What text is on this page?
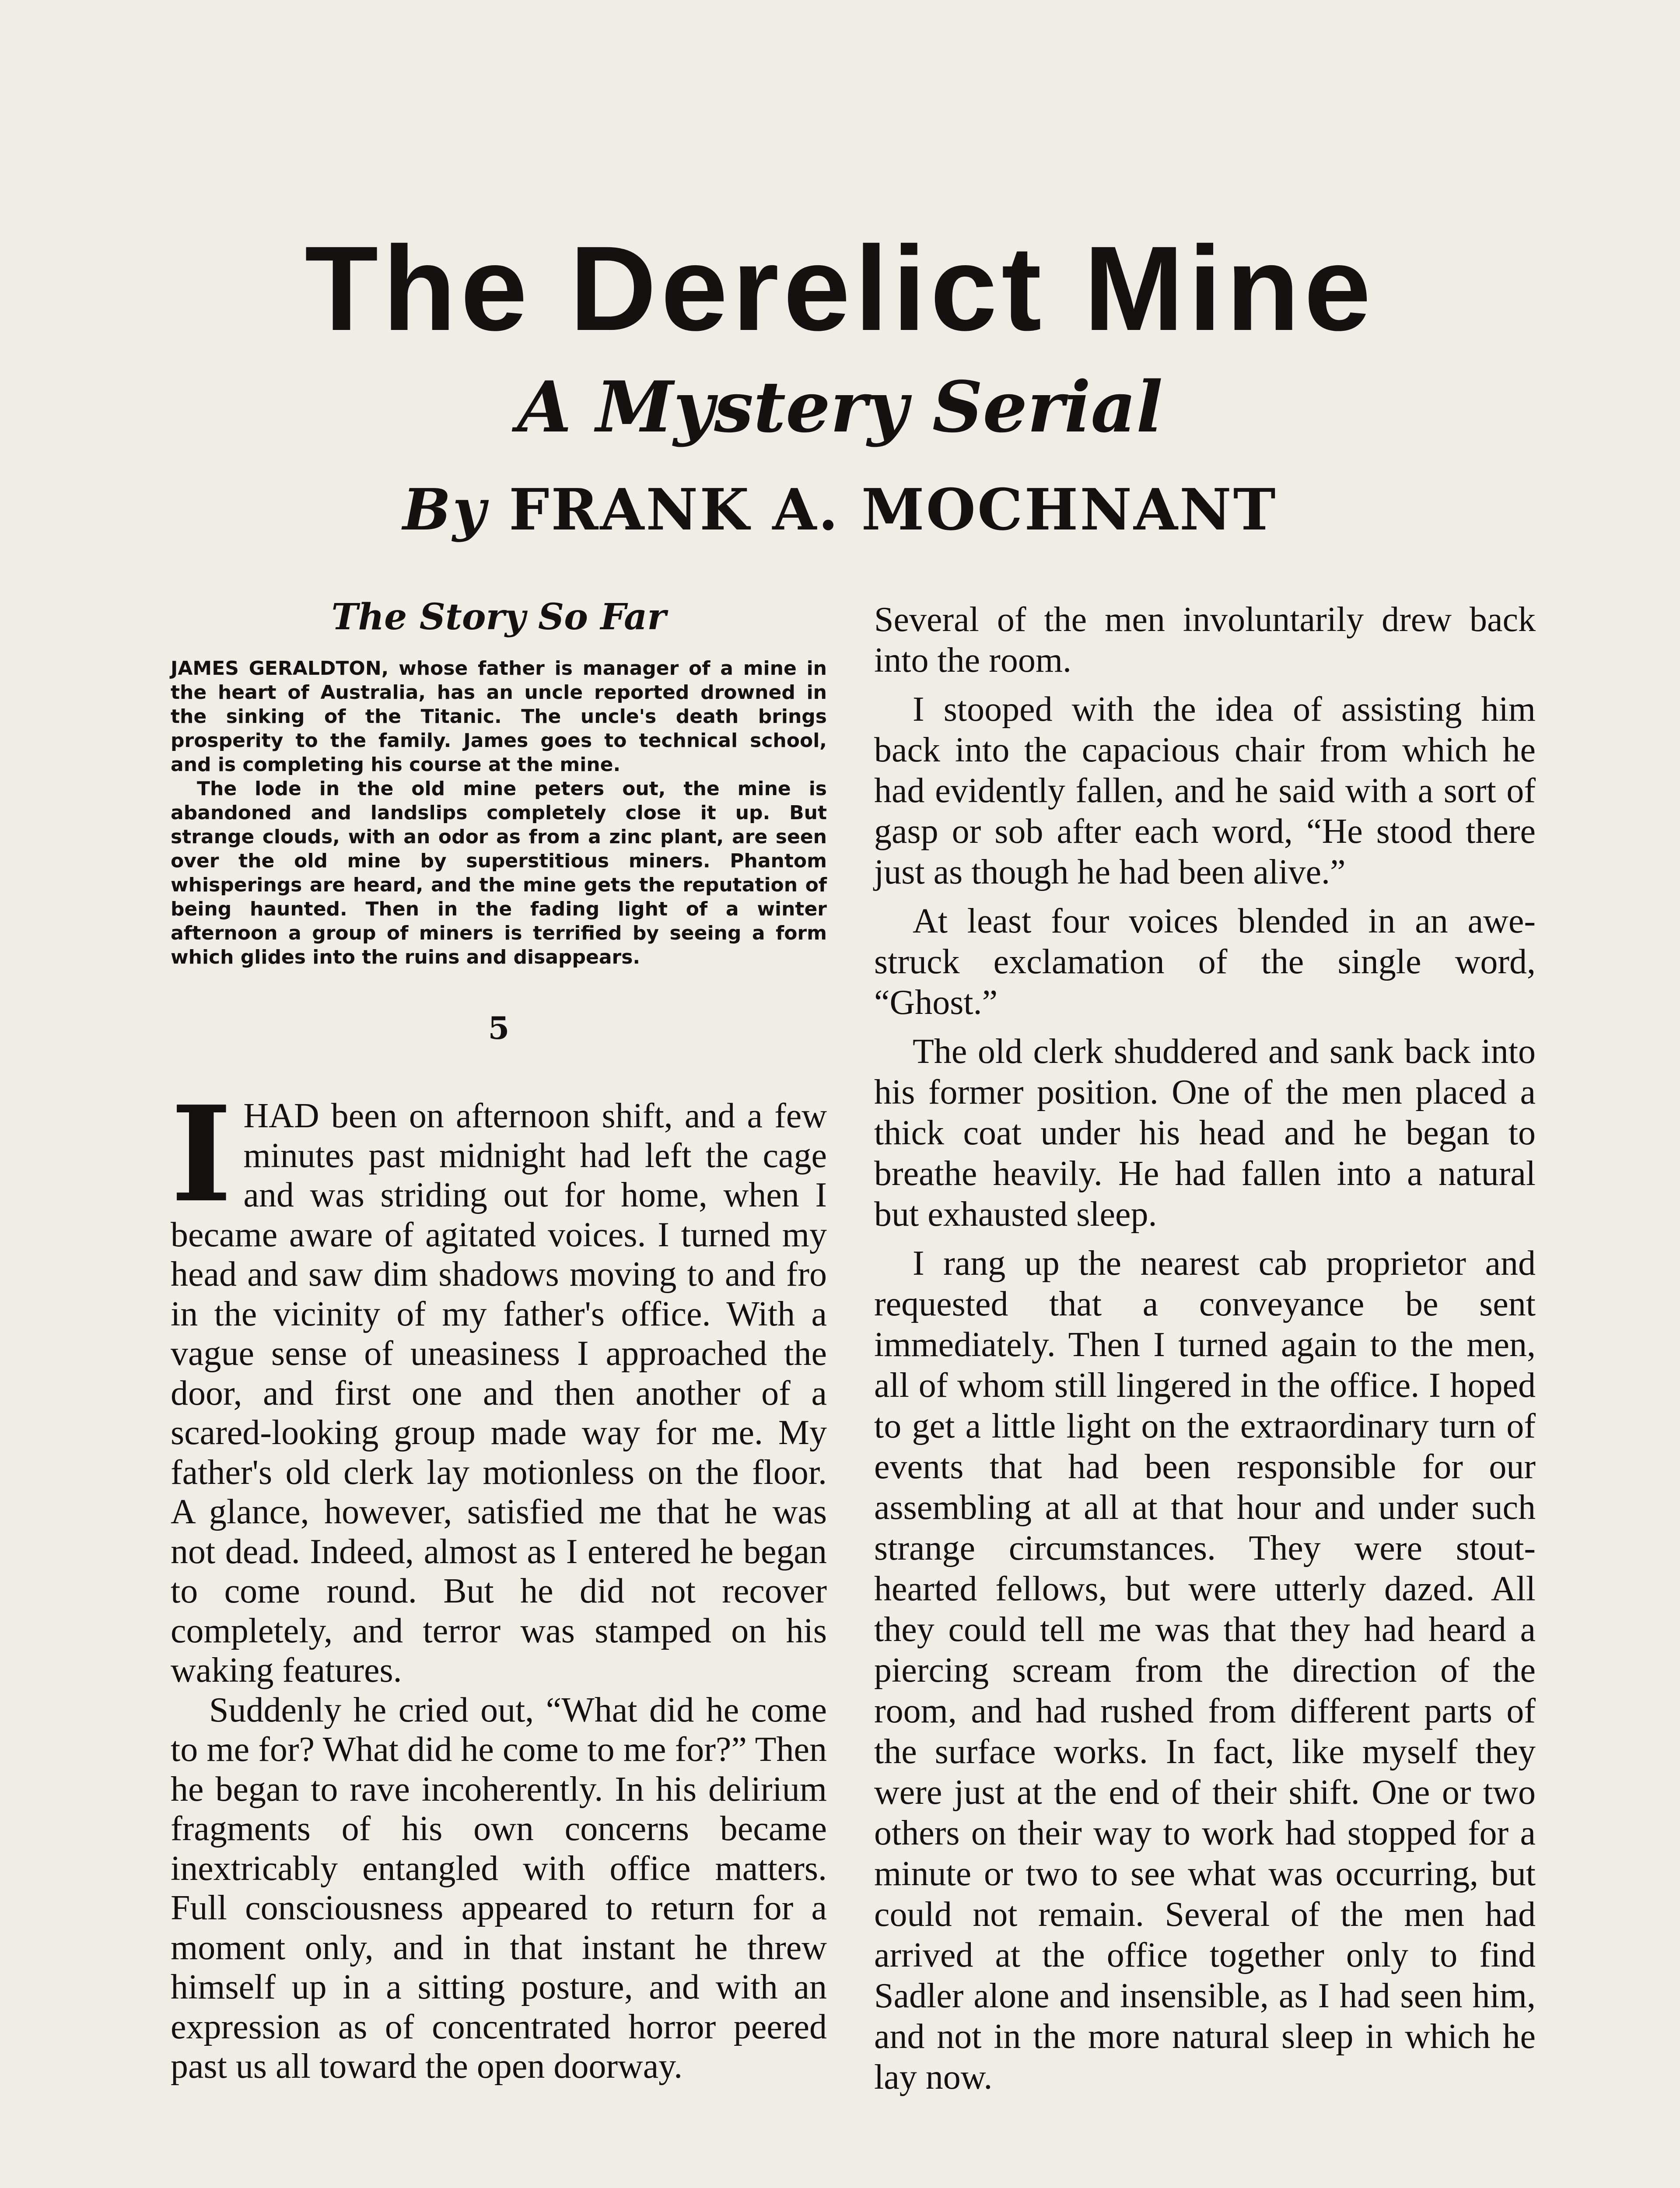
The Derelict Mine
A Mystery Serial
By FRANK A. MOCHNANT
The Story So Far

JAMES GERALDTON, whose father is manager of a mine in the heart of Australia, has an uncle reported drowned in the sinking of the Titanic. The uncle's death brings prosperity to the family. James goes to technical school, and is completing his course at the mine.

The lode in the old mine peters out, the mine is abandoned and landslips completely close it up. But strange clouds, with an odor as from a zinc plant, are seen over the old mine by superstitious miners. Phantom whisperings are heard, and the mine gets the reputation of being haunted. Then in the fading light of a winter afternoon a group of miners is terrified by seeing a form which glides into the ruins and disappears.

5

IHAD been on afternoon shift, and a few minutes past midnight had left the cage and was striding out for home, when I became aware of agitated voices. I turned my head and saw dim shadows moving to and fro in the vicinity of my father's office. With a vague sense of uneasiness I approached the door, and first one and then another of a scared-looking group made way for me. My father's old clerk lay motionless on the floor. A glance, however, satisfied me that he was not dead. Indeed, almost as I entered he began to come round. But he did not recover completely, and terror was stamped on his waking features.

Suddenly he cried out, “What did he come to me for? What did he come to me for?” Then he began to rave incoherently. In his delirium fragments of his own concerns became inextricably entangled with office matters. Full consciousness appeared to return for a moment only, and in that instant he threw himself up in a sitting posture, and with an expression as of concentrated horror peered past us all toward the open doorway.

Several of the men involuntarily drew back into the room.

I stooped with the idea of assisting him back into the capacious chair from which he had evidently fallen, and he said with a sort of gasp or sob after each word, “He stood there just as though he had been alive.”

At least four voices blended in an awe-struck exclamation of the single word, “Ghost.”

The old clerk shuddered and sank back into his former position. One of the men placed a thick coat under his head and he began to breathe heavily. He had fallen into a natural but exhausted sleep.

I rang up the nearest cab proprietor and requested that a conveyance be sent immediately. Then I turned again to the men, all of whom still lingered in the office. I hoped to get a little light on the extraordinary turn of events that had been responsible for our assembling at all at that hour and under such strange circumstances. They were stout-hearted fellows, but were utterly dazed. All they could tell me was that they had heard a piercing scream from the direction of the room, and had rushed from different parts of the surface works. In fact, like myself they were just at the end of their shift. One or two others on their way to work had stopped for a minute or two to see what was occurring, but could not remain. Several of the men had arrived at the office together only to find Sadler alone and insensible, as I had seen him, and not in the more natural sleep in which he lay now.
